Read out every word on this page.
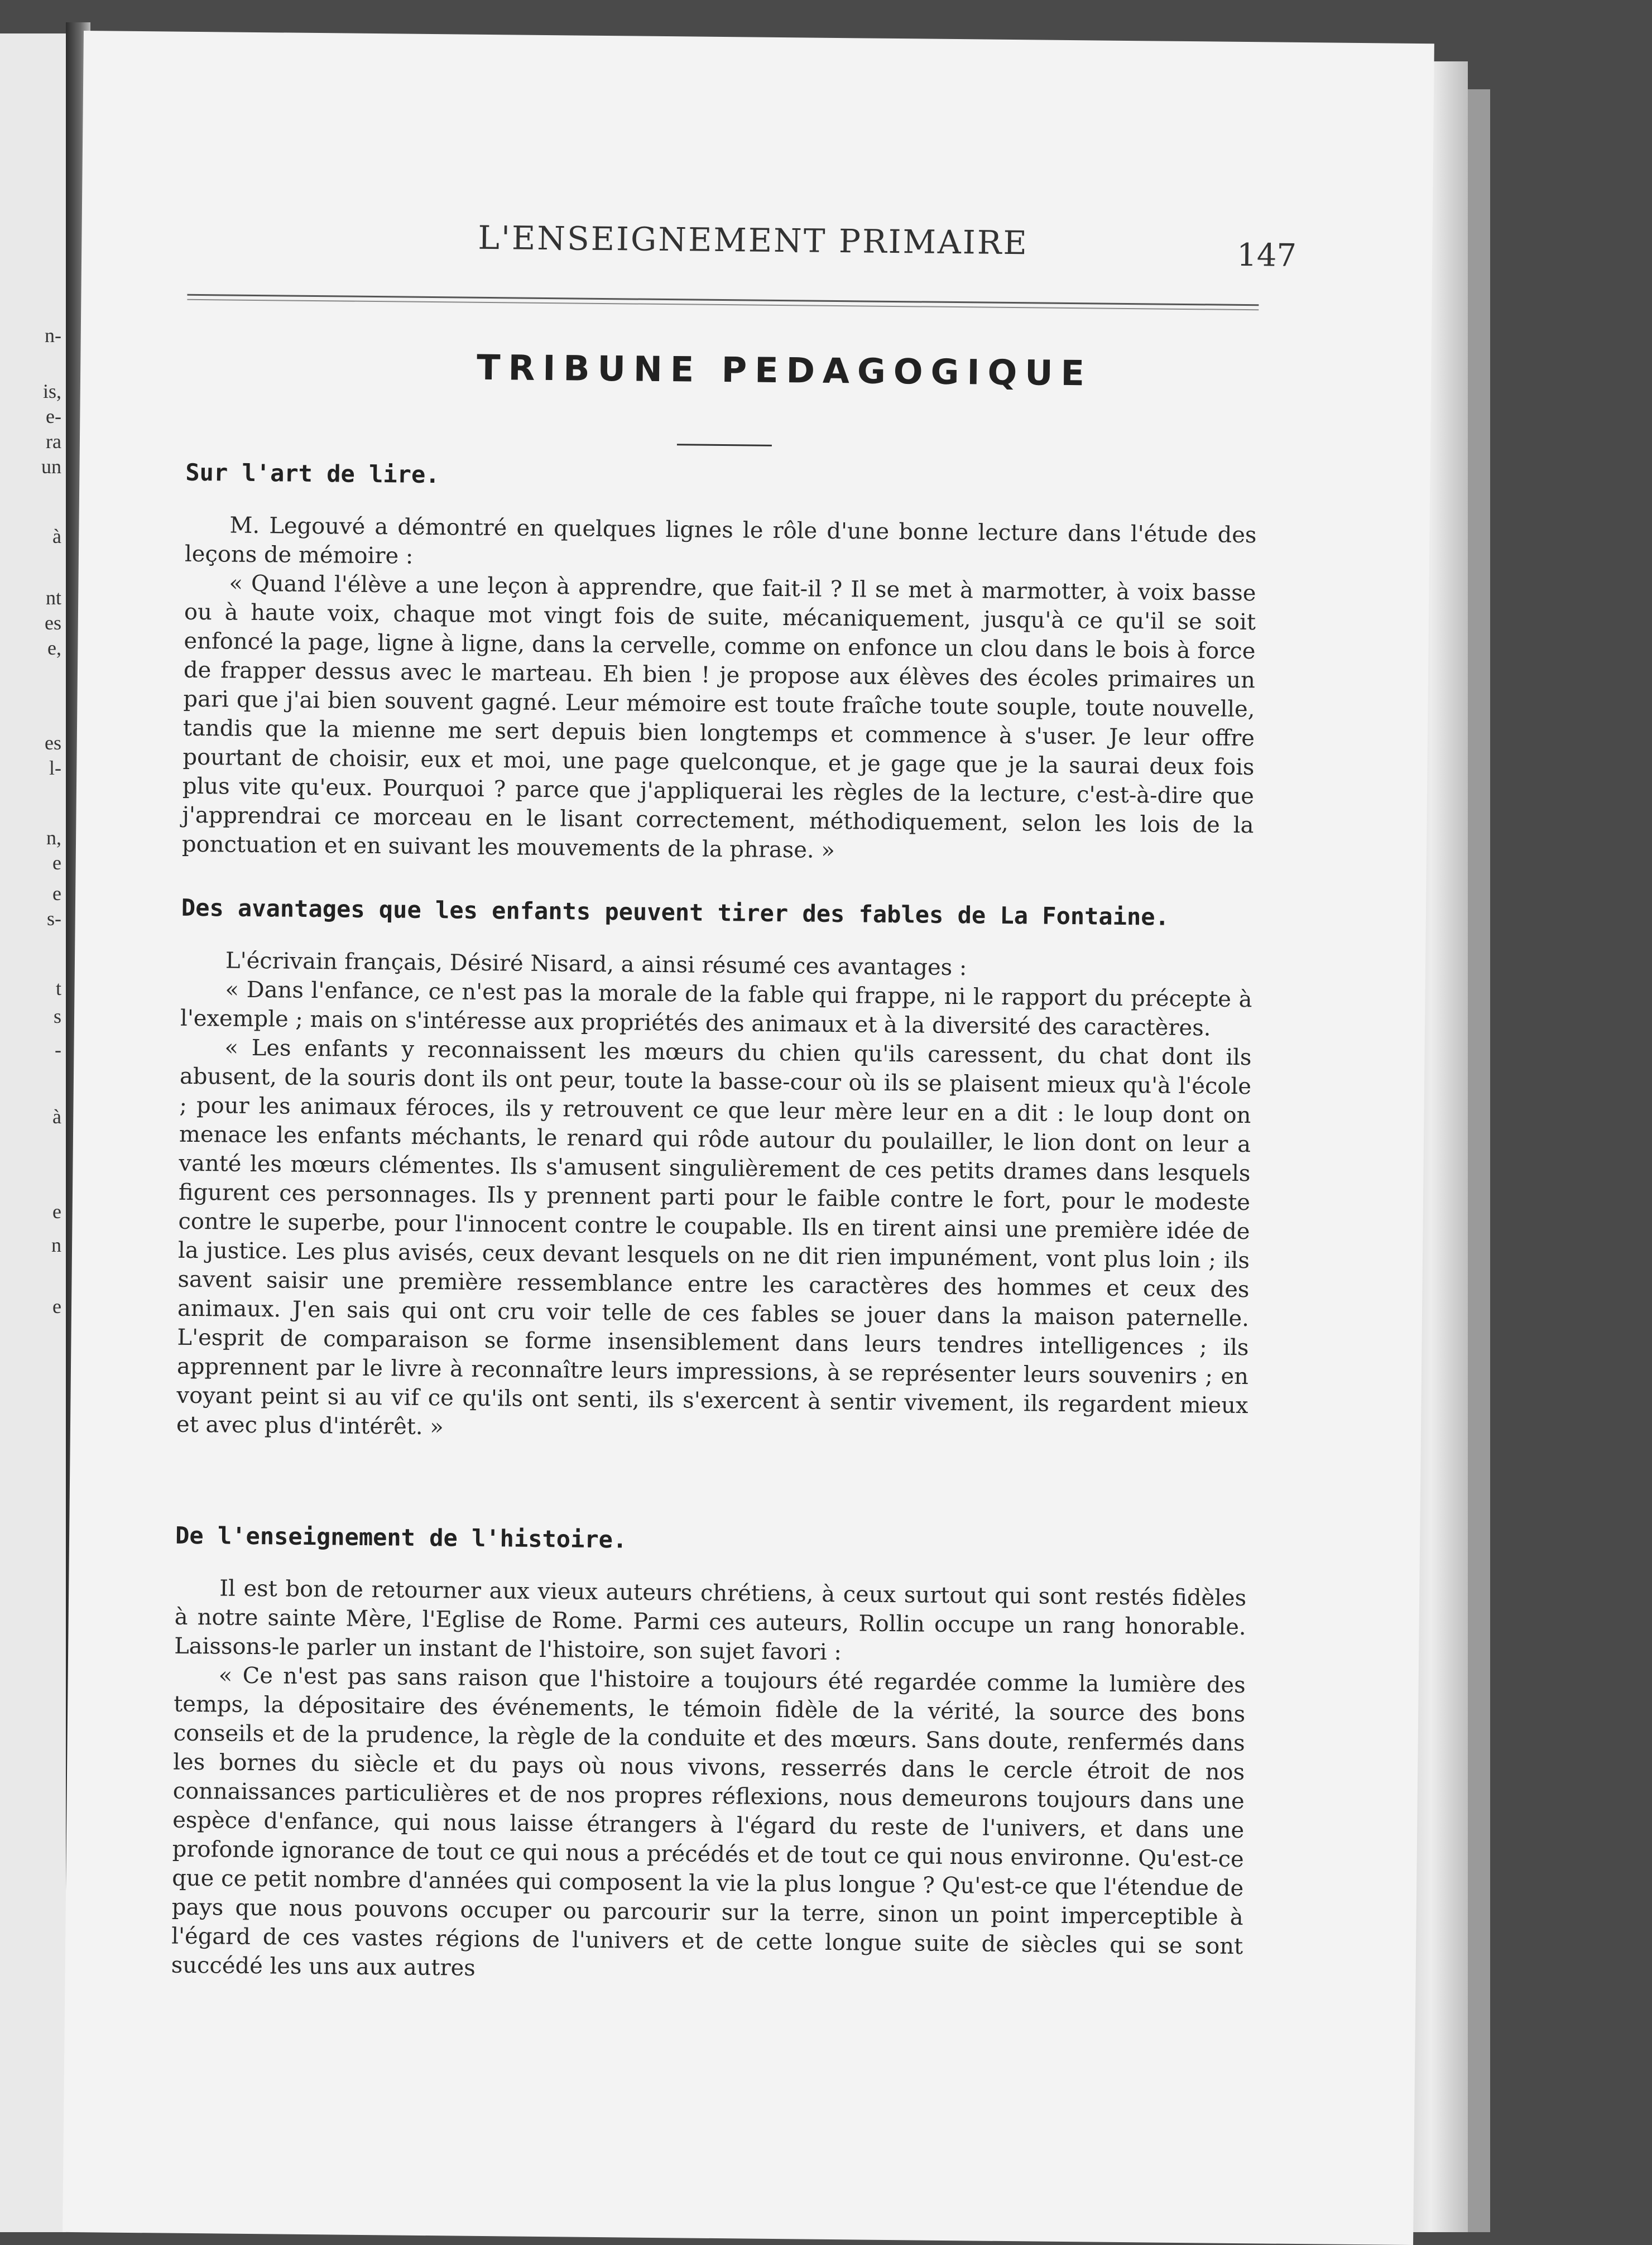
n-
is,
e-
ra
un
à
nt
es
e,
es
l-
n,
e
e
s-
t
s
-
à
e
n
e
L'ENSEIGNEMENT PRIMAIRE	147
TRIBUNE PEDAGOGIQUE
Sur l'art de lire.

M. Legouvé a démontré en quelques lignes le rôle d'une bonne lecture dans l'étude des leçons de mémoire :

« Quand l'élève a une leçon à apprendre, que fait-il ? Il se met à marmotter, à voix basse ou à haute voix, chaque mot vingt fois de suite, mécaniquement, jusqu'à ce qu'il se soit enfoncé la page, ligne à ligne, dans la cervelle, comme on enfonce un clou dans le bois à force de frapper dessus avec le marteau. Eh bien ! je propose aux élèves des écoles primaires un pari que j'ai bien souvent gagné. Leur mémoire est toute fraîche toute souple, toute nouvelle, tandis que la mienne me sert depuis bien longtemps et commence à s'user. Je leur offre pourtant de choisir, eux et moi, une page quelconque, et je gage que je la saurai deux fois plus vite qu'eux. Pourquoi ? parce que j'appliquerai les règles de la lecture, c'est-à-dire que j'apprendrai ce morceau en le lisant correctement, méthodiquement, selon les lois de la ponctuation et en suivant les mouvements de la phrase. »

Des avantages que les enfants peuvent tirer des fables de La Fontaine.

L'écrivain français, Désiré Nisard, a ainsi résumé ces avantages :

« Dans l'enfance, ce n'est pas la morale de la fable qui frappe, ni le rapport du précepte à l'exemple ; mais on s'intéresse aux propriétés des animaux et à la diversité des caractères.

« Les enfants y reconnaissent les mœurs du chien qu'ils caressent, du chat dont ils abusent, de la souris dont ils ont peur, toute la basse-cour où ils se plaisent mieux qu'à l'école ; pour les animaux féroces, ils y retrouvent ce que leur mère leur en a dit : le loup dont on menace les enfants méchants, le renard qui rôde autour du poulailler, le lion dont on leur a vanté les mœurs clémentes. Ils s'amusent singulièrement de ces petits drames dans lesquels figurent ces personnages. Ils y prennent parti pour le faible contre le fort, pour le modeste contre le superbe, pour l'innocent contre le coupable. Ils en tirent ainsi une première idée de la justice. Les plus avisés, ceux devant lesquels on ne dit rien impunément, vont plus loin ; ils savent saisir une première ressemblance entre les caractères des hommes et ceux des animaux. J'en sais qui ont cru voir telle de ces fables se jouer dans la maison paternelle. L'esprit de comparaison se forme insensiblement dans leurs tendres intelligences ; ils apprennent par le livre à reconnaître leurs impressions, à se représenter leurs souvenirs ; en voyant peint si au vif ce qu'ils ont senti, ils s'exercent à sentir vivement, ils regardent mieux et avec plus d'intérêt. »

De l'enseignement de l'histoire.

Il est bon de retourner aux vieux auteurs chrétiens, à ceux surtout qui sont restés fidèles à notre sainte Mère, l'Eglise de Rome. Parmi ces auteurs, Rollin occupe un rang honorable. Laissons-le parler un instant de l'histoire, son sujet favori :

« Ce n'est pas sans raison que l'histoire a toujours été regardée comme la lumière des temps, la dépositaire des événements, le témoin fidèle de la vérité, la source des bons conseils et de la prudence, la règle de la conduite et des mœurs. Sans doute, renfermés dans les bornes du siècle et du pays où nous vivons, resserrés dans le cercle étroit de nos connaissances particulières et de nos propres réflexions, nous demeurons toujours dans une espèce d'enfance, qui nous laisse étrangers à l'égard du reste de l'univers, et dans une profonde ignorance de tout ce qui nous a précédés et de tout ce qui nous environne. Qu'est-ce que ce petit nombre d'années qui composent la vie la plus longue ? Qu'est-ce que l'étendue de pays que nous pouvons occuper ou parcourir sur la terre, sinon un point imperceptible à l'égard de ces vastes régions de l'univers et de cette longue suite de siècles qui se sont succédé les uns aux autres
